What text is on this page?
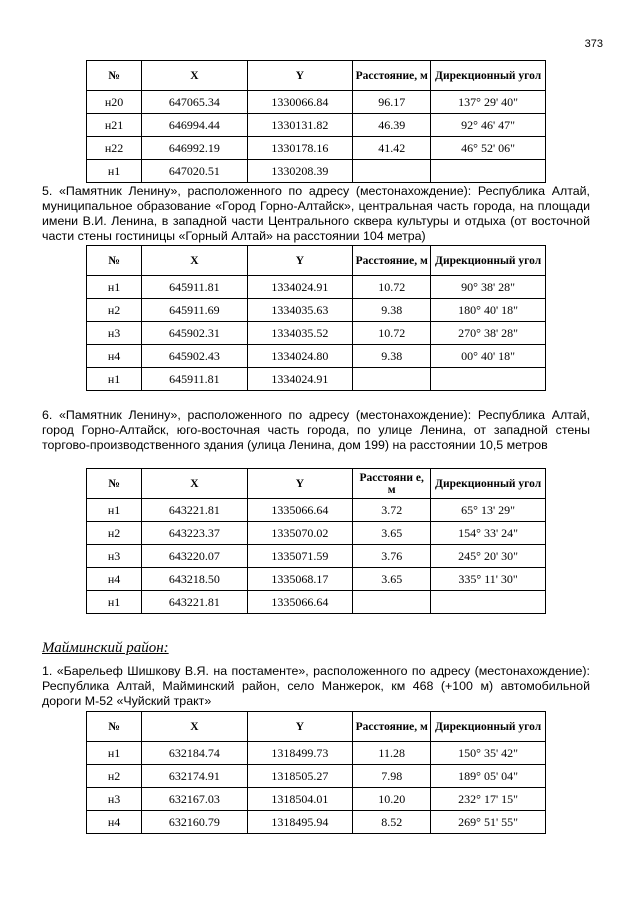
373
№	X	Y	Расстояние, м	Дирекционный угол
н20	647065.34	1330066.84	96.17	137° 29' 40"
н21	646994.44	1330131.82	46.39	92° 46' 47"
н22	646992.19	1330178.16	41.42	46° 52' 06"
н1	647020.51	1330208.39		

5. «Памятник Ленину», расположенного по адресу (местонахождение): Республика Алтай, муниципальное образование «Город Горно-Алтайск», центральная часть города, на площади имени В.И. Ленина, в западной части Центрального сквера культуры и отдыха (от восточной части стены гостиницы «Горный Алтай» на расстоянии 104 метра)

№	X	Y	Расстояние, м	Дирекционный угол
н1	645911.81	1334024.91	10.72	90° 38' 28"
н2	645911.69	1334035.63	9.38	180° 40' 18"
н3	645902.31	1334035.52	10.72	270° 38' 28"
н4	645902.43	1334024.80	9.38	00° 40' 18"
н1	645911.81	1334024.91		

6. «Памятник Ленину», расположенного по адресу (местонахождение): Республика Алтай, город Горно-Алтайск, юго-восточная часть города, по улице Ленина, от западной стены торгово-производственного здания (улица Ленина, дом 199) на расстоянии 10,5 метров

№	X	Y	Расстояни е, м	Дирекционный угол
н1	643221.81	1335066.64	3.72	65° 13' 29"
н2	643223.37	1335070.02	3.65	154° 33' 24"
н3	643220.07	1335071.59	3.76	245° 20' 30"
н4	643218.50	1335068.17	3.65	335° 11' 30"
н1	643221.81	1335066.64		

Майминский район:

1. «Барельеф Шишкову В.Я. на постаменте», расположенного по адресу (местонахождение): Республика Алтай, Майминский район, село Манжерок, км 468 (+100 м) автомобильной дороги М-52 «Чуйский тракт»

№	X	Y	Расстояние, м	Дирекционный угол
н1	632184.74	1318499.73	11.28	150° 35' 42"
н2	632174.91	1318505.27	7.98	189° 05' 04"
н3	632167.03	1318504.01	10.20	232° 17' 15"
н4	632160.79	1318495.94	8.52	269° 51' 55"
